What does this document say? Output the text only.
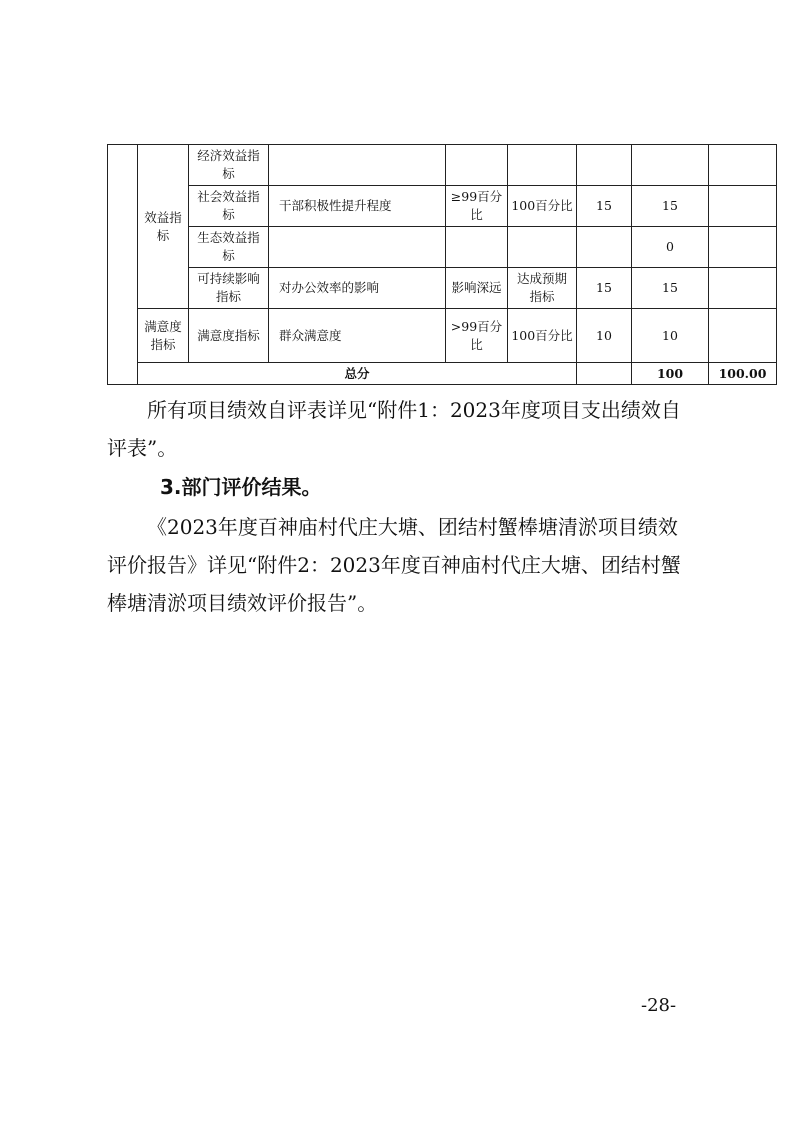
	效益指标	经济效益指标							
		社会效益指标	干部积极性提升程度	≥99百分比	100百分比	15	15		
		生态效益指标					0		
		可持续影响指标	对办公效率的影响	影响深远	达成预期指标	15	15		
	满意度指标	满意度指标	群众满意度	>99百分比	100百分比	10	10		
	总分						100	100.00	

所有项目绩效自评表详见“附件1：2023年度项目支出绩效自评表”。

3.部门评价结果。

《2023年度百神庙村代庄大塘、团结村蟹棒塘清淤项目绩效评价报告》详见“附件2：2023年度百神庙村代庄大塘、团结村蟹棒塘清淤项目绩效评价报告”。

-28-
